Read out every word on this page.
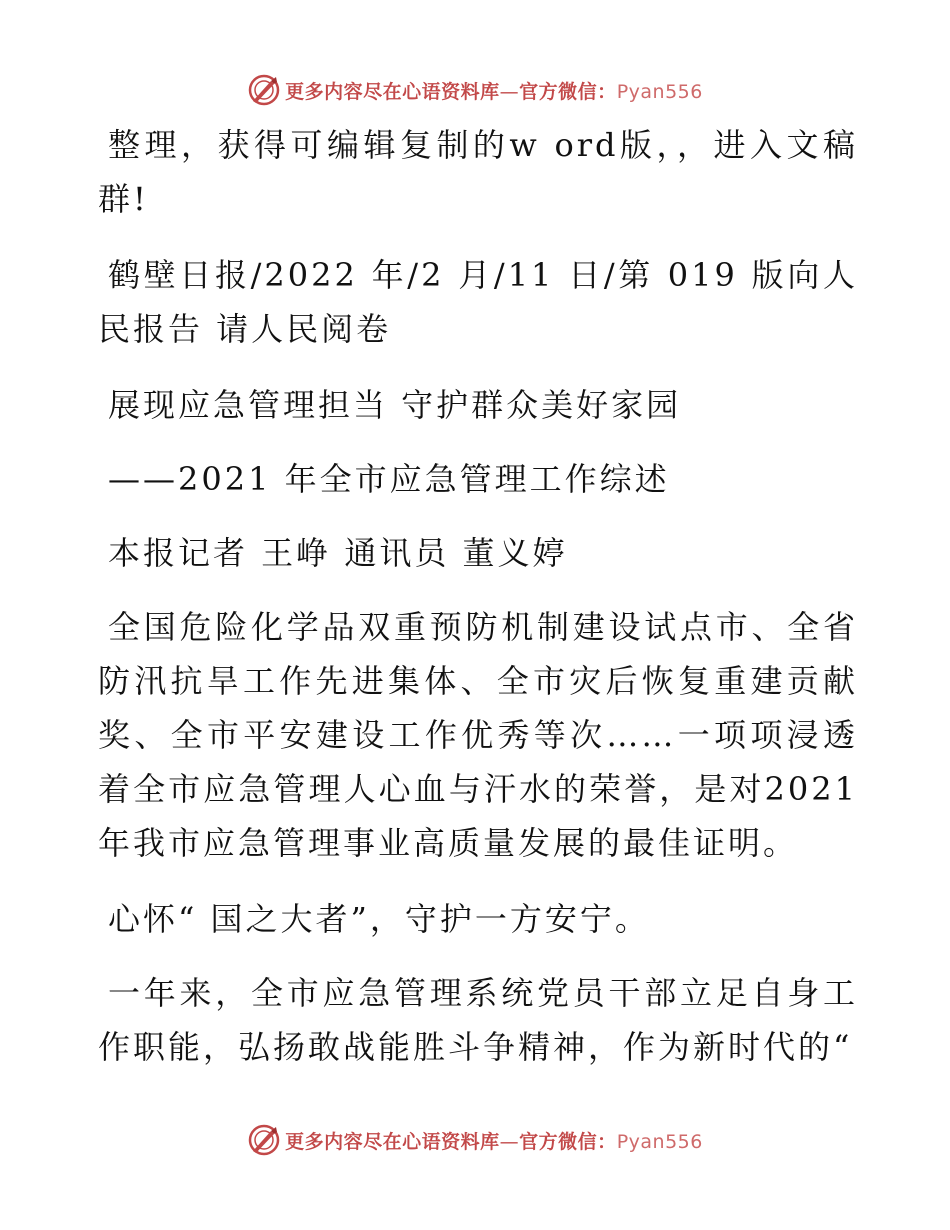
更多内容尽在心语资料库—官方微信：Pyan556

整理，获得可编辑复制的w ord版，，进入文稿群!

鹤壁日报/2022 年/2 月/11 日/第 019 版向人民报告 请人民阅卷

展现应急管理担当 守护群众美好家园

——2021 年全市应急管理工作综述

本报记者 王峥 通讯员 董义婷

全国危险化学品双重预防机制建设试点市、全省防汛抗旱工作先进集体、全市灾后恢复重建贡献奖、全市平安建设工作优秀等次……一项项浸透着全市应急管理人心血与汗水的荣誉，是对2021 年我市应急管理事业高质量发展的最佳证明。

心怀“ 国之大者”，守护一方安宁。

一年来，全市应急管理系统党员干部立足自身工作职能，弘扬敢战能胜斗争精神，作为新时代的“

更多内容尽在心语资料库—官方微信：Pyan556
